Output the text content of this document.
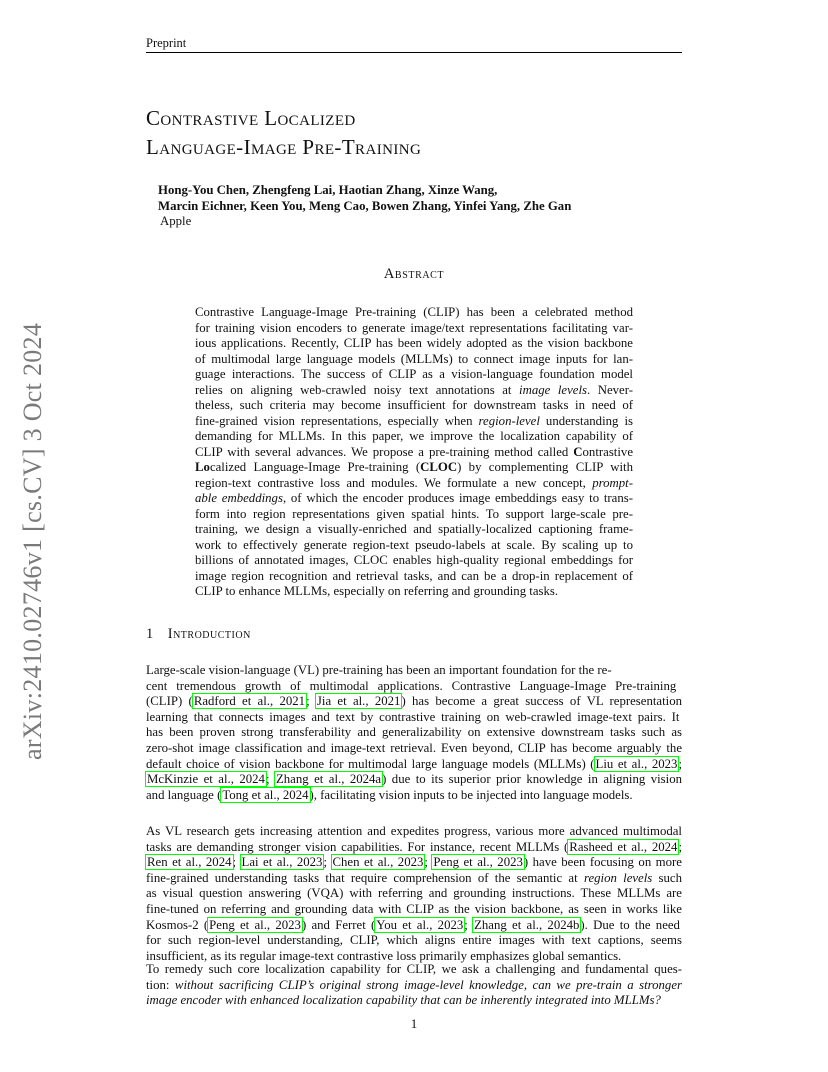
Preprint
arXiv:2410.02746v1 [cs.CV] 3 Oct 2024
Contrastive Localized
Language-Image Pre-Training
Hong-You Chen, Zhengfeng Lai, Haotian Zhang, Xinze Wang,
Marcin Eichner, Keen You, Meng Cao, Bowen Zhang, Yinfei Yang, Zhe Gan
Apple
Abstract
Contrastive Language-Image Pre-training (CLIP) has been a celebrated method
for training vision encoders to generate image/text representations facilitating var-
ious applications. Recently, CLIP has been widely adopted as the vision backbone
of multimodal large language models (MLLMs) to connect image inputs for lan-
guage interactions. The success of CLIP as a vision-language foundation model
relies on aligning web-crawled noisy text annotations at image levels. Never-
theless, such criteria may become insufficient for downstream tasks in need of
fine-grained vision representations, especially when region-level understanding is
demanding for MLLMs. In this paper, we improve the localization capability of
CLIP with several advances. We propose a pre-training method called Contrastive
Localized Language-Image Pre-training (CLOC) by complementing CLIP with
region-text contrastive loss and modules. We formulate a new concept, prompt-
able embeddings, of which the encoder produces image embeddings easy to trans-
form into region representations given spatial hints. To support large-scale pre-
training, we design a visually-enriched and spatially-localized captioning frame-
work to effectively generate region-text pseudo-labels at scale. By scaling up to
billions of annotated images, CLOC enables high-quality regional embeddings for
image region recognition and retrieval tasks, and can be a drop-in replacement of
CLIP to enhance MLLMs, especially on referring and grounding tasks.
1 Introduction
Large-scale vision-language (VL) pre-training has been an important foundation for the re-
cent tremendous growth of multimodal applications. Contrastive Language-Image Pre-training
(CLIP) (Radford et al., 2021; Jia et al., 2021) has become a great success of VL representation
learning that connects images and text by contrastive training on web-crawled image-text pairs. It
has been proven strong transferability and generalizability on extensive downstream tasks such as
zero-shot image classification and image-text retrieval. Even beyond, CLIP has become arguably the
default choice of vision backbone for multimodal large language models (MLLMs) (Liu et al., 2023;
McKinzie et al., 2024; Zhang et al., 2024a) due to its superior prior knowledge in aligning vision
and language (Tong et al., 2024), facilitating vision inputs to be injected into language models.
As VL research gets increasing attention and expedites progress, various more advanced multimodal
tasks are demanding stronger vision capabilities. For instance, recent MLLMs (Rasheed et al., 2024;
Ren et al., 2024; Lai et al., 2023; Chen et al., 2023; Peng et al., 2023) have been focusing on more
fine-grained understanding tasks that require comprehension of the semantic at region levels such
as visual question answering (VQA) with referring and grounding instructions. These MLLMs are
fine-tuned on referring and grounding data with CLIP as the vision backbone, as seen in works like
Kosmos-2 (Peng et al., 2023) and Ferret (You et al., 2023; Zhang et al., 2024b). Due to the need
for such region-level understanding, CLIP, which aligns entire images with text captions, seems
insufficient, as its regular image-text contrastive loss primarily emphasizes global semantics.
To remedy such core localization capability for CLIP, we ask a challenging and fundamental ques-
tion: without sacrificing CLIP’s original strong image-level knowledge, can we pre-train a stronger
image encoder with enhanced localization capability that can be inherently integrated into MLLMs?
1
